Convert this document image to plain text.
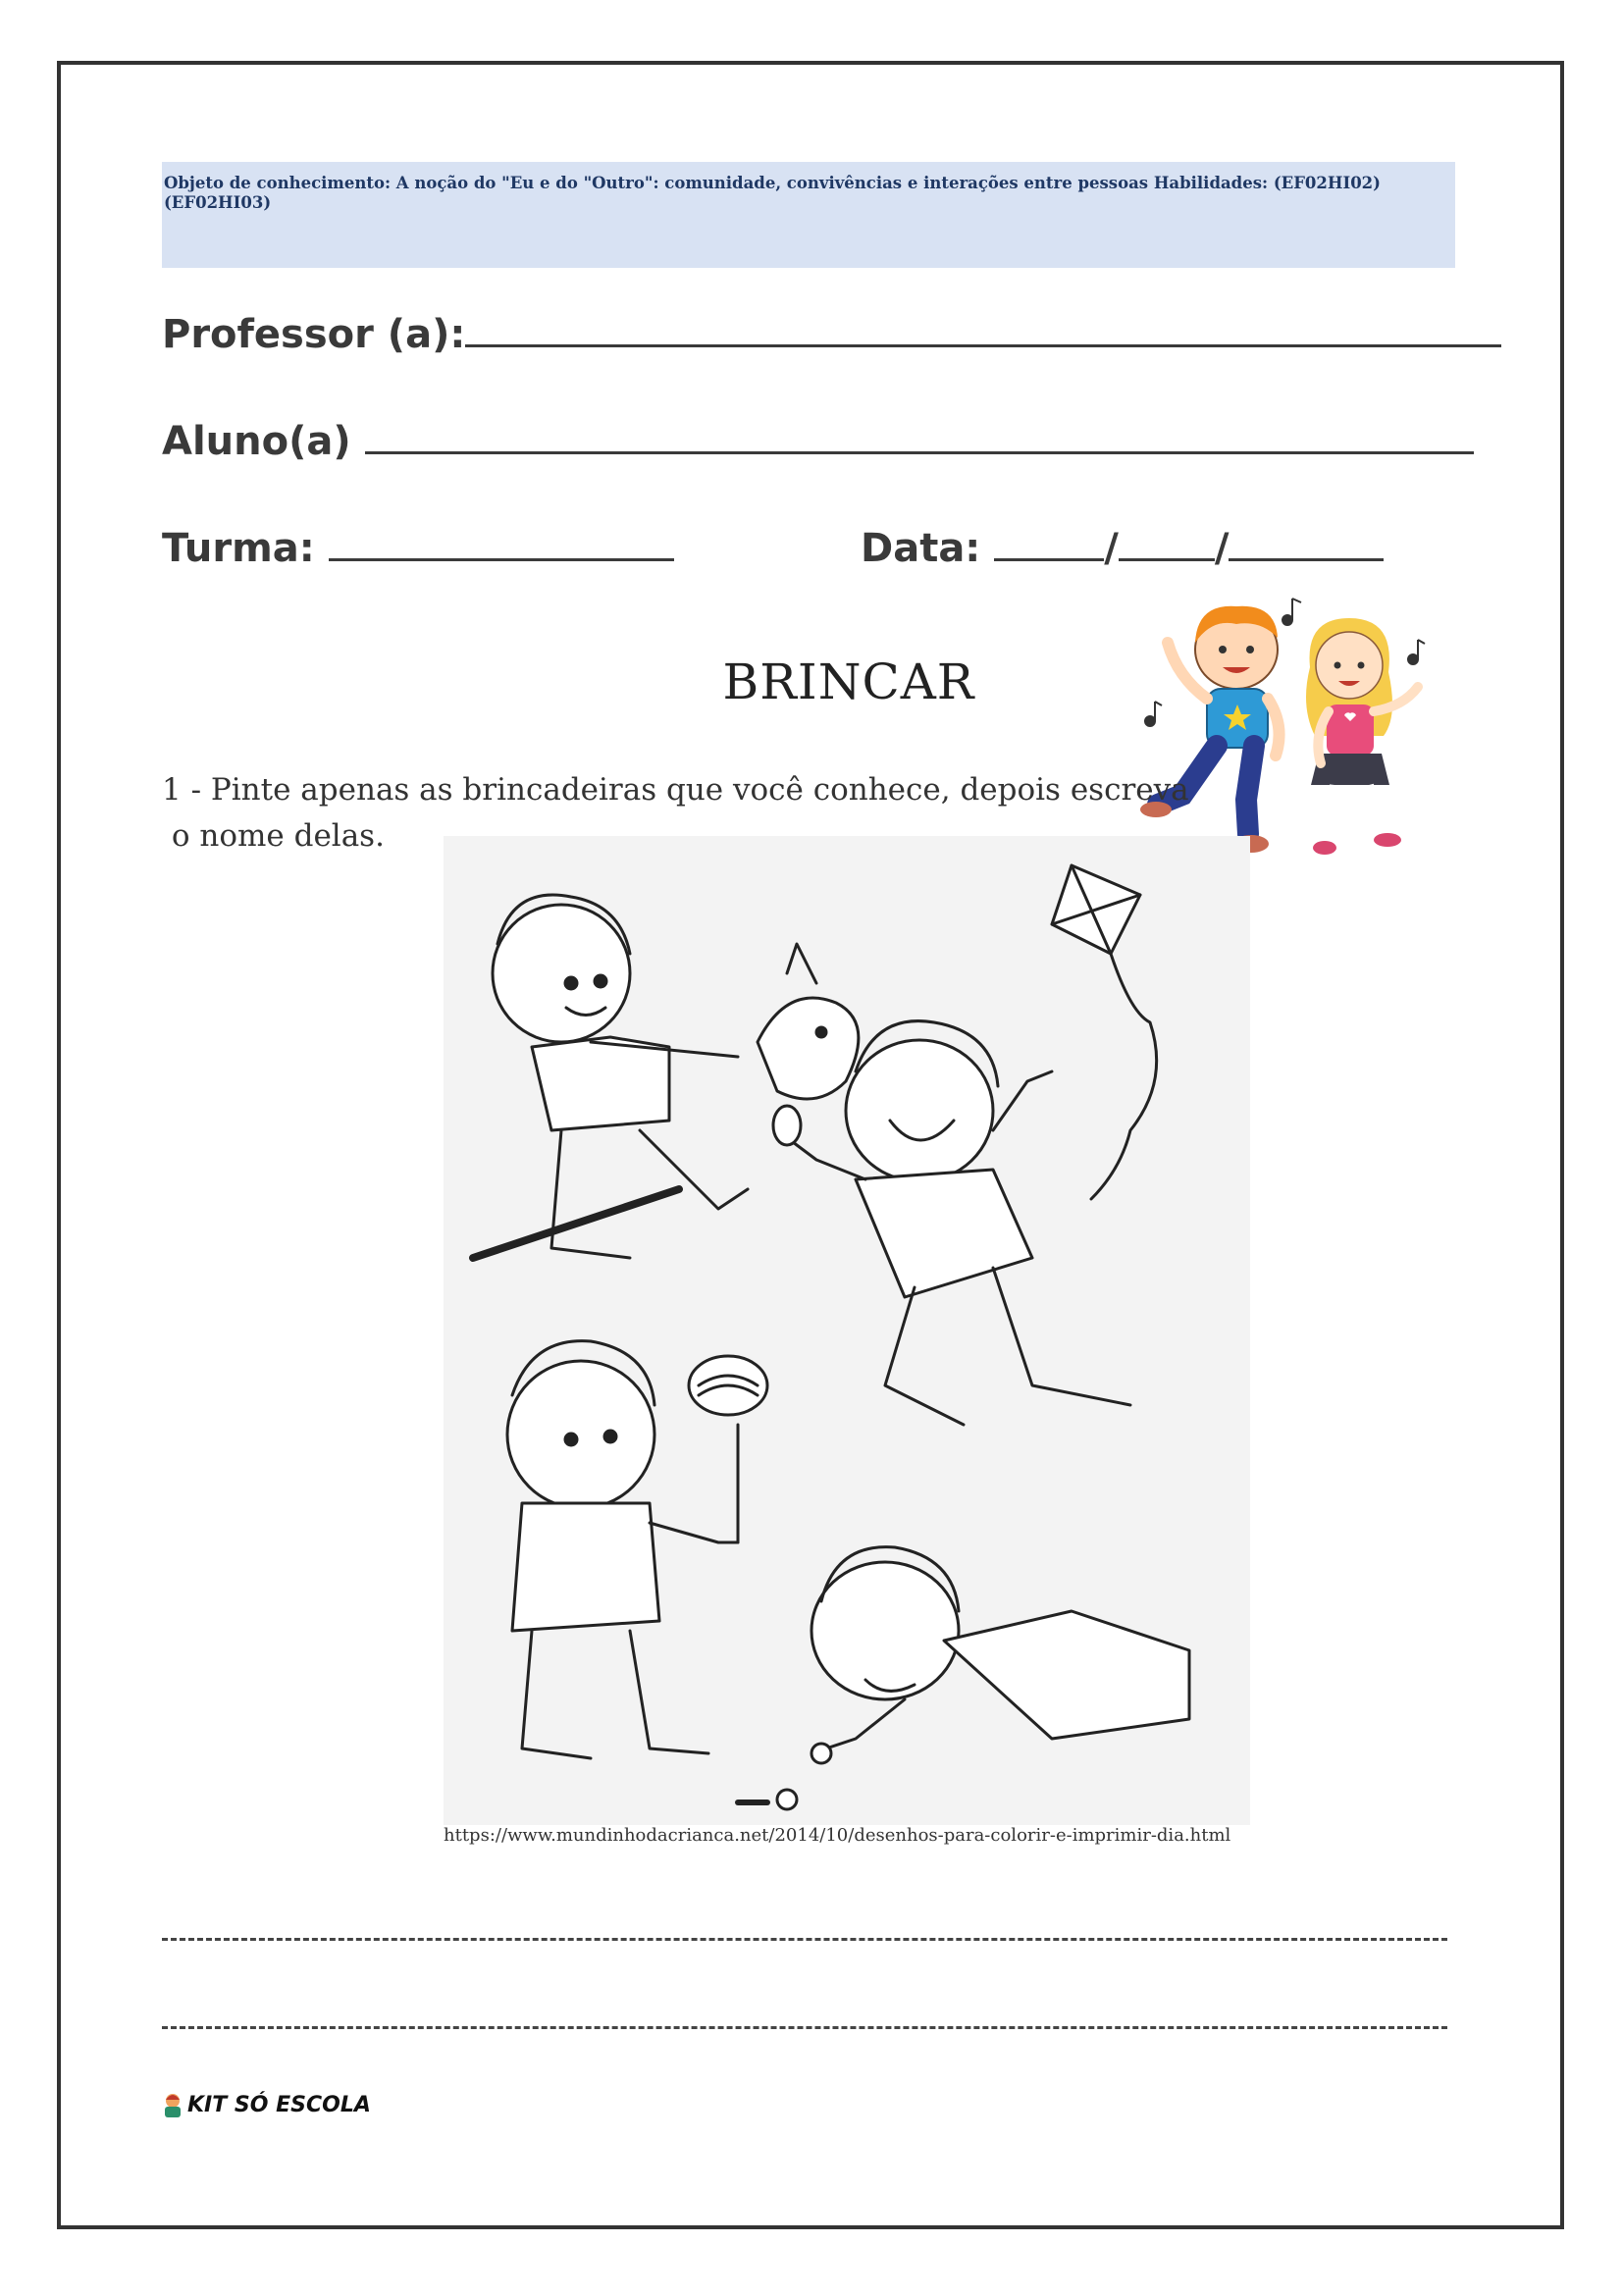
Objeto de conhecimento: A noção do "Eu e do "Outro": comunidade, convivências e interações entre pessoas Habilidades: (EF02HI02) (EF02HI03)
Professor (a):
Aluno(a)
Turma:	Data:	/ /
BRINCAR
1 - Pinte apenas as brincadeiras que você conhece, depois escreva
o nome delas.
https://www.mundinhodacrianca.net/2014/10/desenhos-para-colorir-e-imprimir-dia.html
KIT SÓ ESCOLA
